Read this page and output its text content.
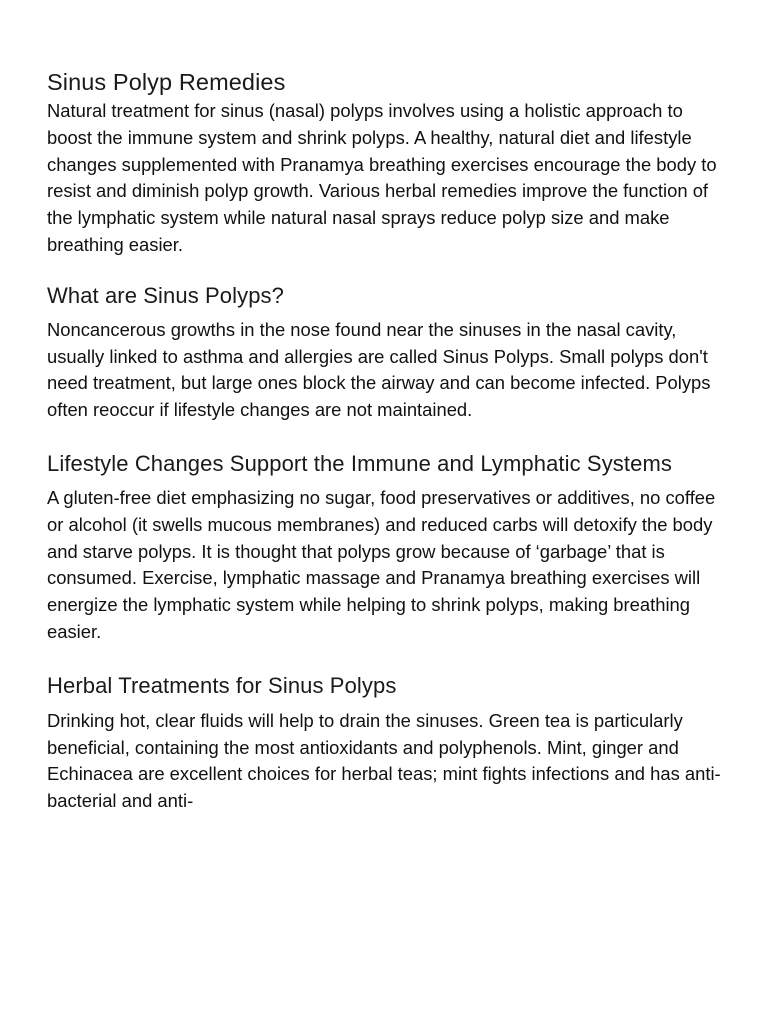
Sinus Polyp Remedies

Natural treatment for sinus (nasal) polyps involves using a holistic approach to boost the immune system and shrink polyps. A healthy, natural diet and lifestyle changes supplemented with Pranamya breathing exercises encourage the body to resist and diminish polyp growth. Various herbal remedies improve the function of the lymphatic system while natural nasal sprays reduce polyp size and make breathing easier.

What are Sinus Polyps?

Noncancerous growths in the nose found near the sinuses in the nasal cavity, usually linked to asthma and allergies are called Sinus Polyps. Small polyps don't need treatment, but large ones block the airway and can become infected. Polyps often reoccur if lifestyle changes are not maintained.

Lifestyle Changes Support the Immune and Lymphatic Systems

A gluten-free diet emphasizing no sugar, food preservatives or additives, no coffee or alcohol (it swells mucous membranes) and reduced carbs will detoxify the body and starve polyps. It is thought that polyps grow because of ‘garbage’ that is consumed. Exercise, lymphatic massage and Pranamya breathing exercises will energize the lymphatic system while helping to shrink polyps, making breathing easier.

Herbal Treatments for Sinus Polyps

Drinking hot, clear fluids will help to drain the sinuses. Green tea is particularly beneficial, containing the most antioxidants and polyphenols. Mint, ginger and Echinacea are excellent choices for herbal teas; mint fights infections and has anti-bacterial and anti-
